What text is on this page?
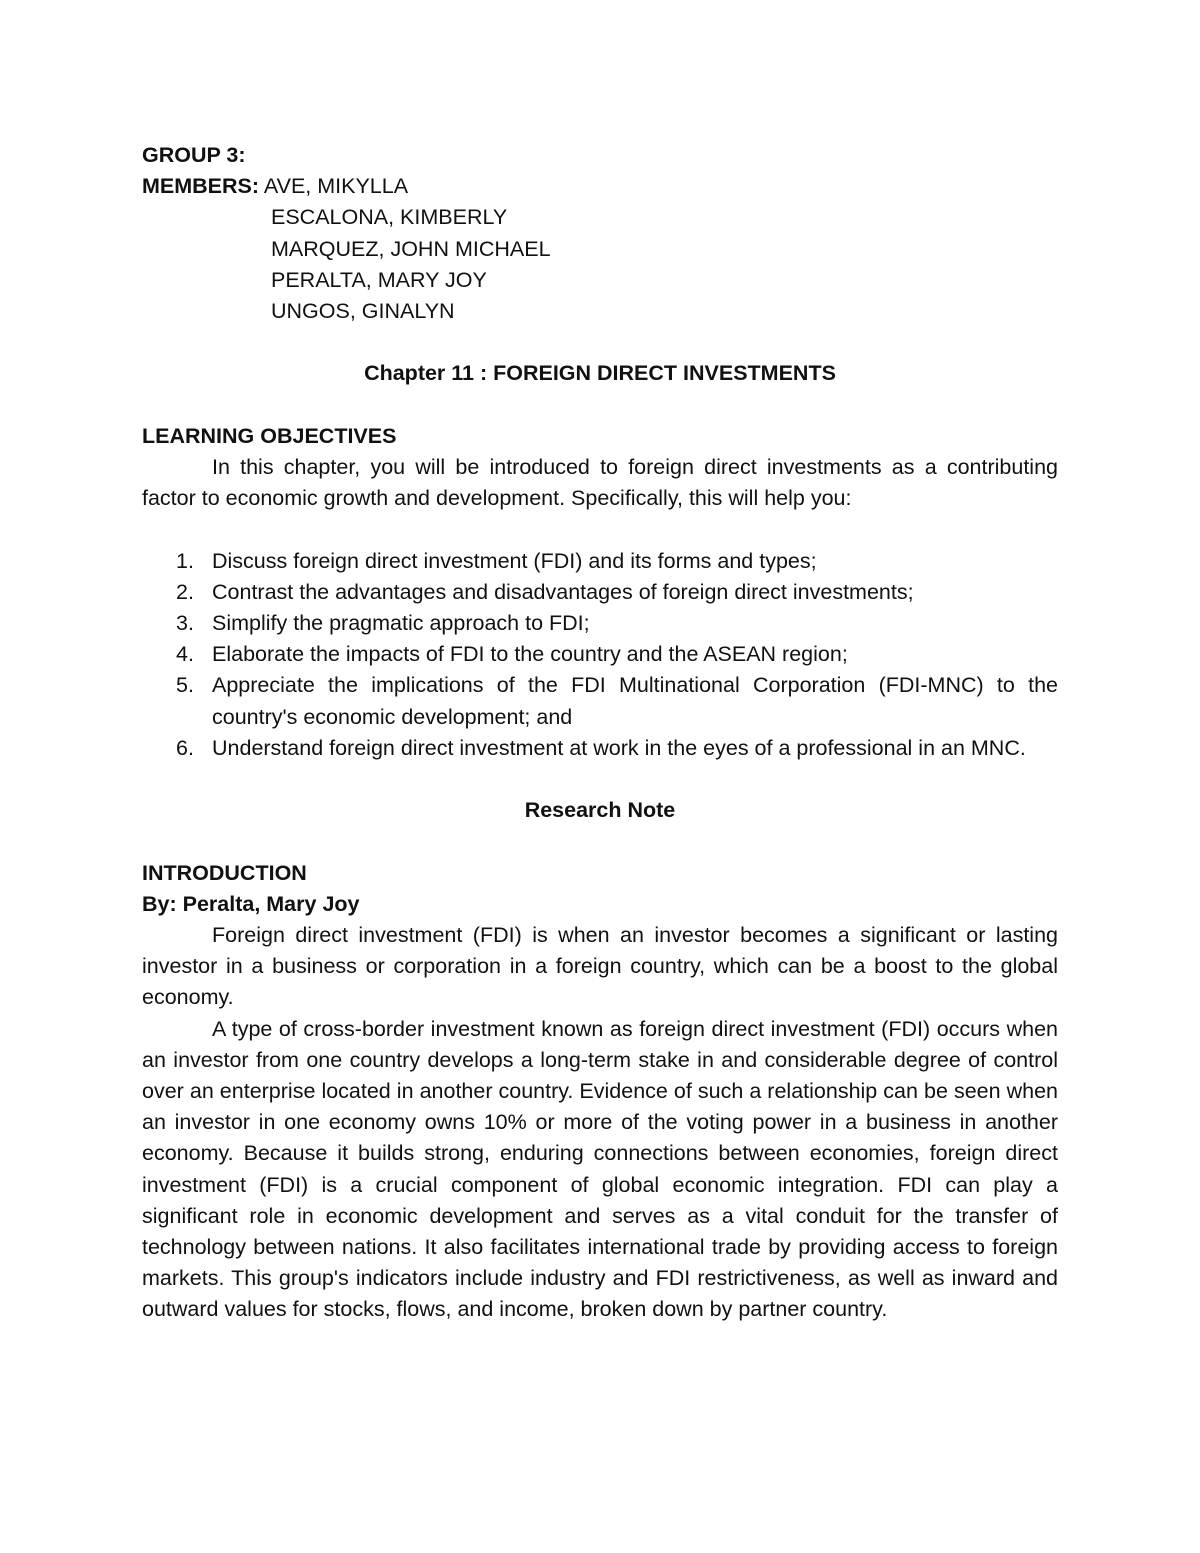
GROUP 3:
MEMBERS: AVE, MIKYLLA
ESCALONA, KIMBERLY
MARQUEZ, JOHN MICHAEL
PERALTA, MARY JOY
UNGOS, GINALYN
Chapter 11 : FOREIGN DIRECT INVESTMENTS
LEARNING OBJECTIVES
In this chapter, you will be introduced to foreign direct investments as a contributing factor to economic growth and development. Specifically, this will help you:
1. Discuss foreign direct investment (FDI) and its forms and types;
2. Contrast the advantages and disadvantages of foreign direct investments;
3. Simplify the pragmatic approach to FDI;
4. Elaborate the impacts of FDI to the country and the ASEAN region;
5. Appreciate the implications of the FDI Multinational Corporation (FDI-MNC) to the country's economic development; and
6. Understand foreign direct investment at work in the eyes of a professional in an MNC.
Research Note
INTRODUCTION
By: Peralta, Mary Joy
Foreign direct investment (FDI) is when an investor becomes a significant or lasting investor in a business or corporation in a foreign country, which can be a boost to the global economy.
A type of cross-border investment known as foreign direct investment (FDI) occurs when an investor from one country develops a long-term stake in and considerable degree of control over an enterprise located in another country. Evidence of such a relationship can be seen when an investor in one economy owns 10% or more of the voting power in a business in another economy. Because it builds strong, enduring connections between economies, foreign direct investment (FDI) is a crucial component of global economic integration. FDI can play a significant role in economic development and serves as a vital conduit for the transfer of technology between nations. It also facilitates international trade by providing access to foreign markets. This group's indicators include industry and FDI restrictiveness, as well as inward and outward values for stocks, flows, and income, broken down by partner country.
